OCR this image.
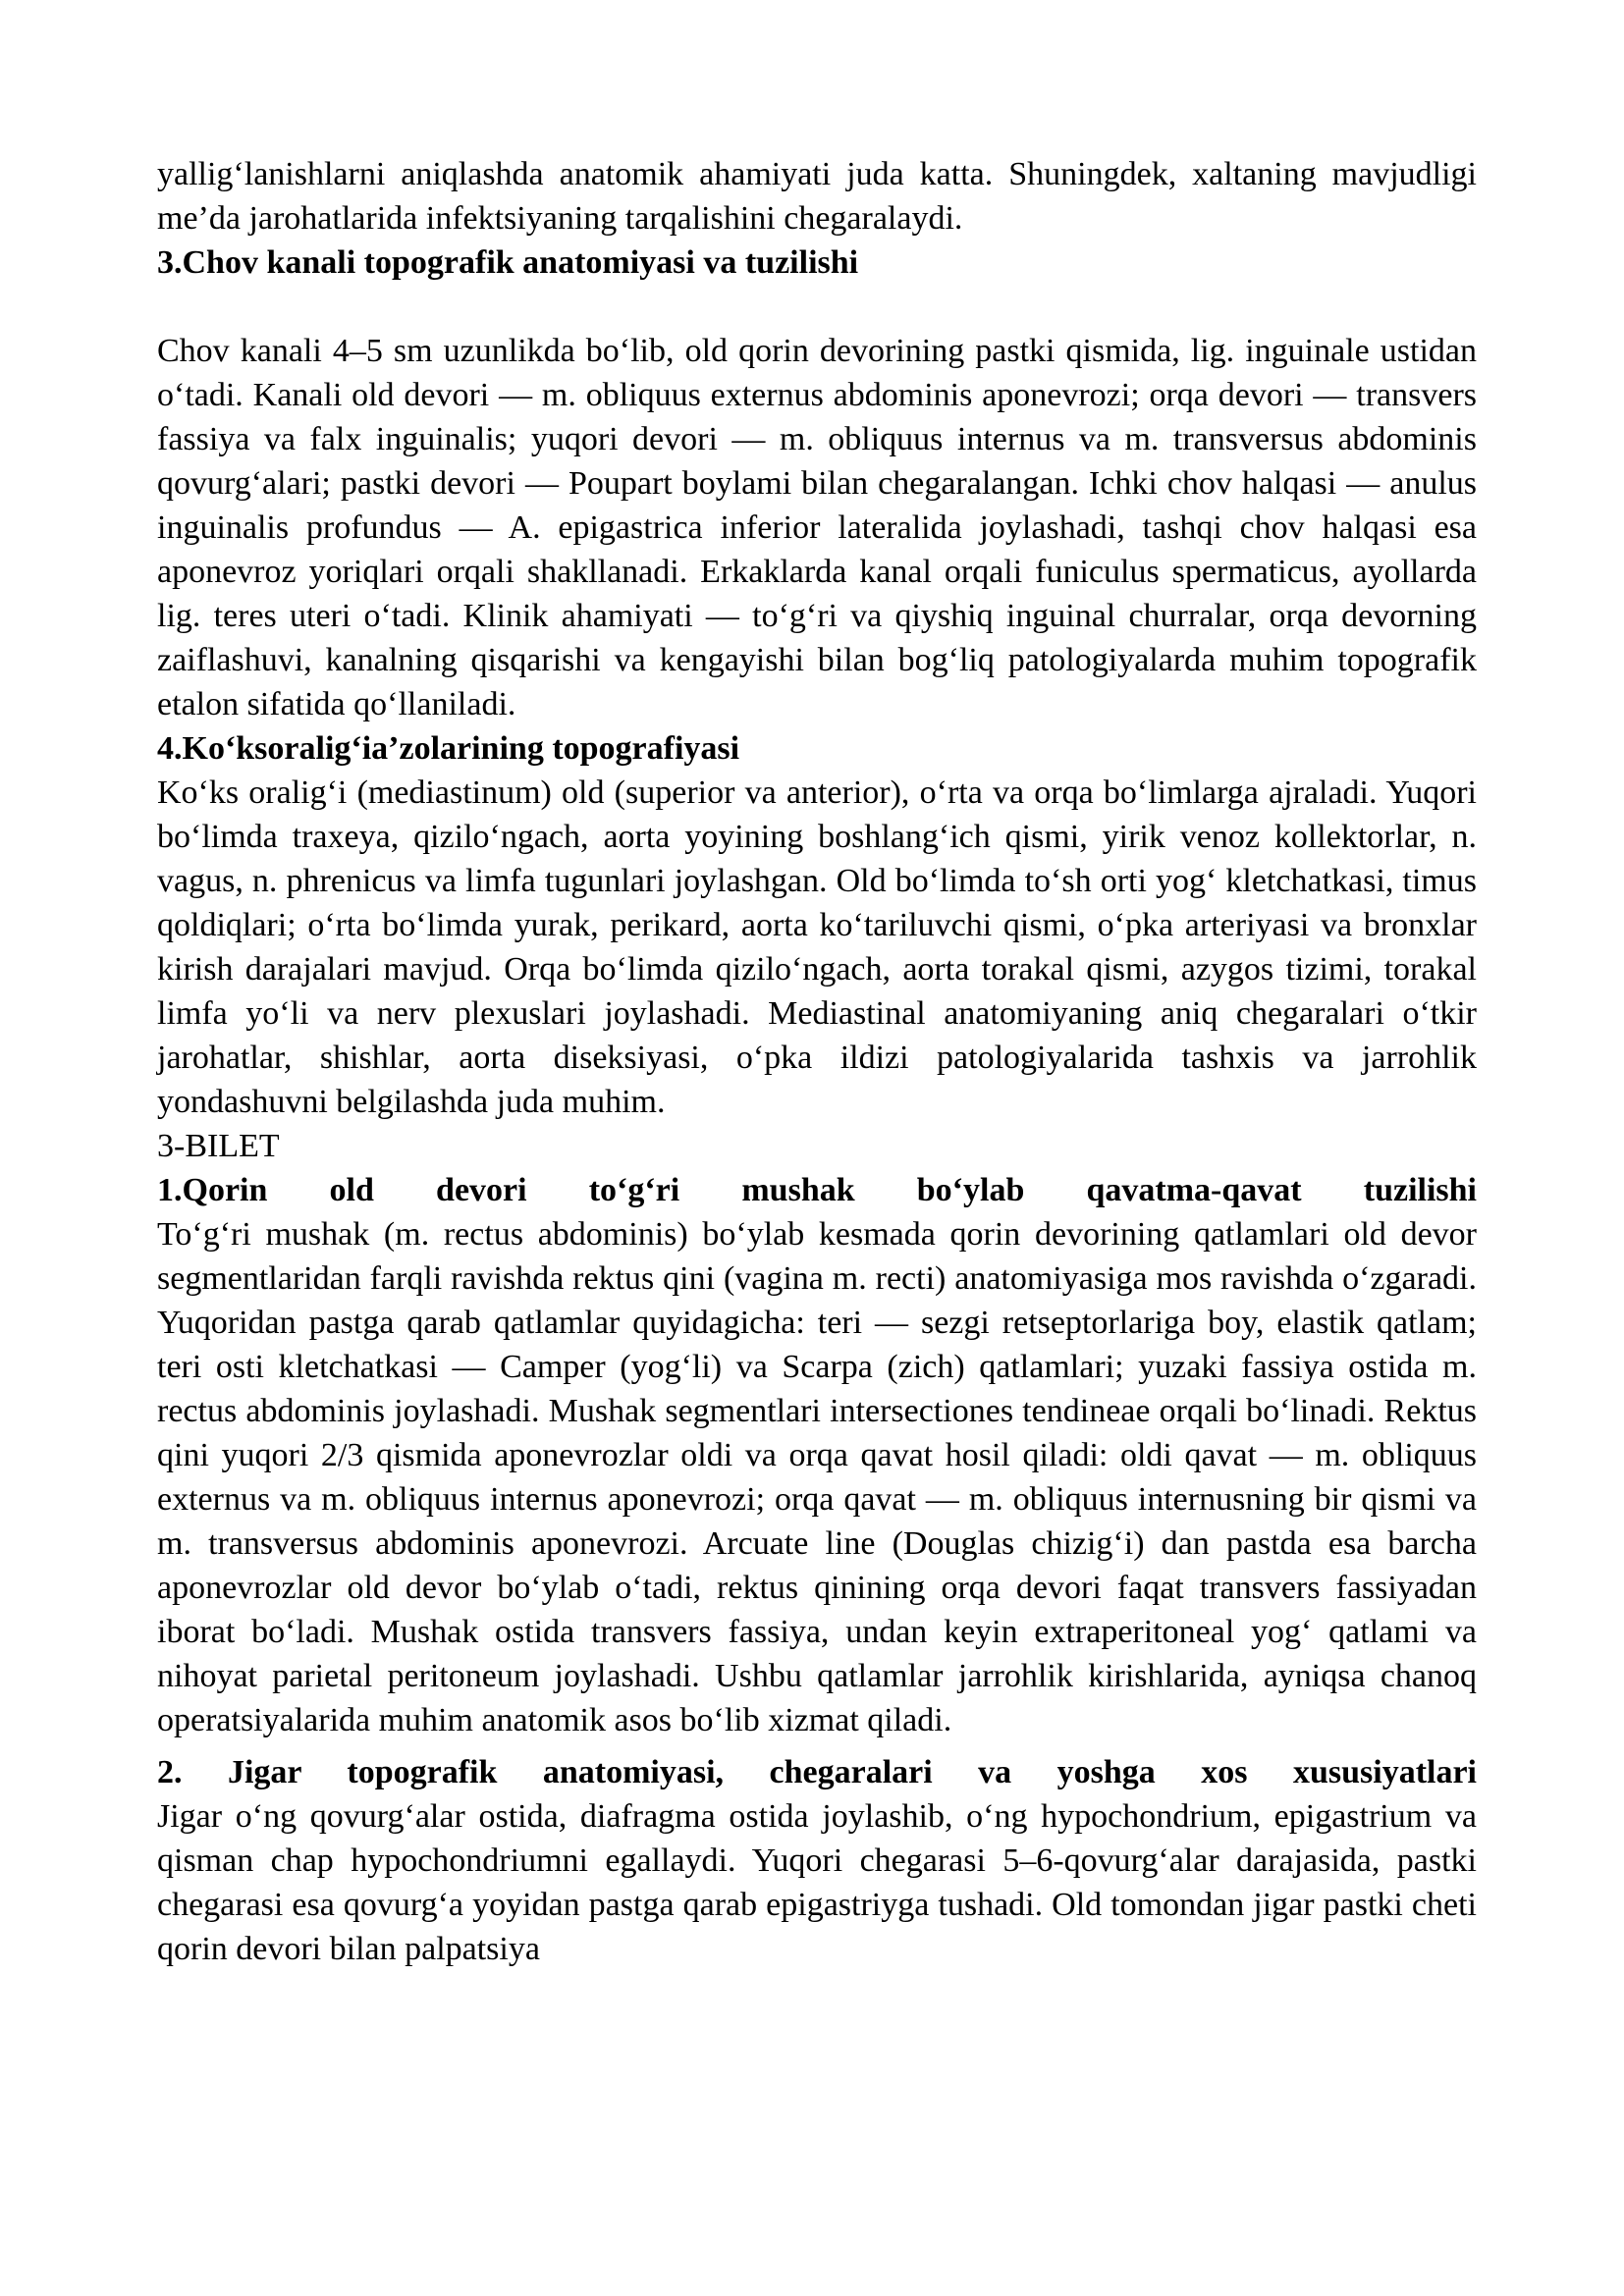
yallig‘lanishlarni aniqlashda anatomik ahamiyati juda katta. Shuningdek, xaltaning mavjudligi me’da jarohatlarida infektsiyaning tarqalishini chegaralaydi.

3.Chov kanali topografik anatomiyasi va tuzilishi

Chov kanali 4–5 sm uzunlikda bo‘lib, old qorin devorining pastki qismida, lig. inguinale ustidan o‘tadi. Kanali old devori — m. obliquus externus abdominis aponevrozi; orqa devori — transvers fassiya va falx inguinalis; yuqori devori — m. obliquus internus va m. transversus abdominis qovurg‘alari; pastki devori — Poupart boylami bilan chegaralangan. Ichki chov halqasi — anulus inguinalis profundus — A. epigastrica inferior lateralida joylashadi, tashqi chov halqasi esa aponevroz yoriqlari orqali shakllanadi. Erkaklarda kanal orqali funiculus spermaticus, ayollarda lig. teres uteri o‘tadi. Klinik ahamiyati — to‘g‘ri va qiyshiq inguinal churralar, orqa devorning zaiflashuvi, kanalning qisqarishi va kengayishi bilan bog‘liq patologiyalarda muhim topografik etalon sifatida qo‘llaniladi.

4.Ko‘ksoralig‘ia’zolarining topografiyasi

Ko‘ks oralig‘i (mediastinum) old (superior va anterior), o‘rta va orqa bo‘limlarga ajraladi. Yuqori bo‘limda traxeya, qizilo‘ngach, aorta yoyining boshlang‘ich qismi, yirik venoz kollektorlar, n. vagus, n. phrenicus va limfa tugunlari joylashgan. Old bo‘limda to‘sh orti yog‘ kletchatkasi, timus qoldiqlari; o‘rta bo‘limda yurak, perikard, aorta ko‘tariluvchi qismi, o‘pka arteriyasi va bronxlar kirish darajalari mavjud. Orqa bo‘limda qizilo‘ngach, aorta torakal qismi, azygos tizimi, torakal limfa yo‘li va nerv plexuslari joylashadi. Mediastinal anatomiyaning aniq chegaralari o‘tkir jarohatlar, shishlar, aorta diseksiyasi, o‘pka ildizi patologiyalarida tashxis va jarrohlik yondashuvni belgilashda juda muhim.

3-BILET

1.Qorin old devori to‘g‘ri mushak bo‘ylab qavatma-qavat tuzilishi

To‘g‘ri mushak (m. rectus abdominis) bo‘ylab kesmada qorin devorining qatlamlari old devor segmentlaridan farqli ravishda rektus qini (vagina m. recti) anatomiyasiga mos ravishda o‘zgaradi. Yuqoridan pastga qarab qatlamlar quyidagicha: teri — sezgi retseptorlariga boy, elastik qatlam; teri osti kletchatkasi — Camper (yog‘li) va Scarpa (zich) qatlamlari; yuzaki fassiya ostida m. rectus abdominis joylashadi. Mushak segmentlari intersectiones tendineae orqali bo‘linadi. Rektus qini yuqori 2/3 qismida aponevrozlar oldi va orqa qavat hosil qiladi: oldi qavat — m. obliquus externus va m. obliquus internus aponevrozi; orqa qavat — m. obliquus internusning bir qismi va m. transversus abdominis aponevrozi. Arcuate line (Douglas chizig‘i) dan pastda esa barcha aponevrozlar old devor bo‘ylab o‘tadi, rektus qinining orqa devori faqat transvers fassiyadan iborat bo‘ladi. Mushak ostida transvers fassiya, undan keyin extraperitoneal yog‘ qatlami va nihoyat parietal peritoneum joylashadi. Ushbu qatlamlar jarrohlik kirishlarida, ayniqsa chanoq operatsiyalarida muhim anatomik asos bo‘lib xizmat qiladi.

2. Jigar topografik anatomiyasi, chegaralari va yoshga xos xususiyatlari

Jigar o‘ng qovurg‘alar ostida, diafragma ostida joylashib, o‘ng hypochondrium, epigastrium va qisman chap hypochondriumni egallaydi. Yuqori chegarasi 5–6-qovurg‘alar darajasida, pastki chegarasi esa qovurg‘a yoyidan pastga qarab epigastriyga tushadi. Old tomondan jigar pastki cheti qorin devori bilan palpatsiya
